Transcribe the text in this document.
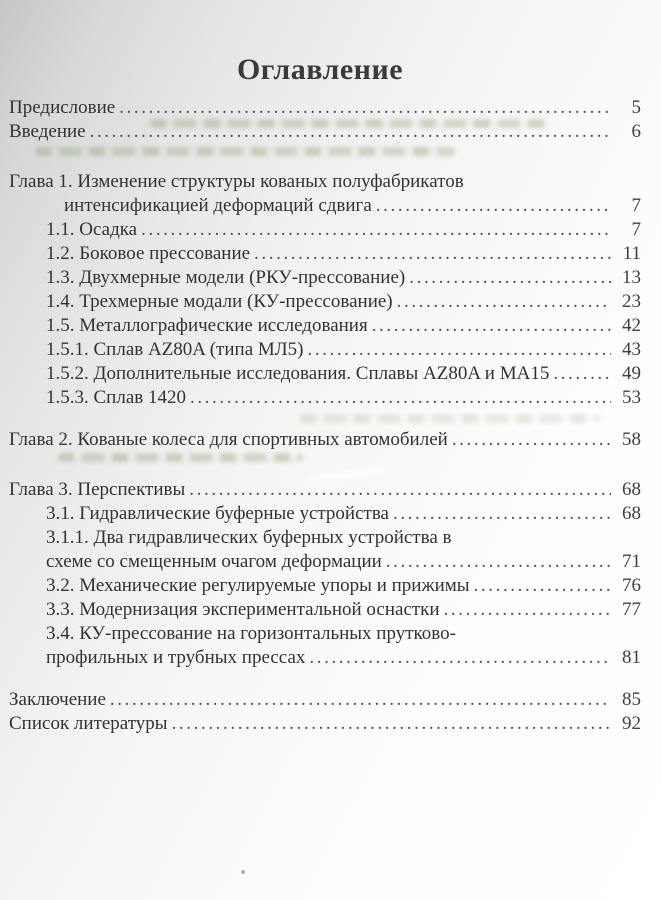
Оглавление
Предисловие .....	5
Введение .....	6
Глава 1. Изменение структуры кованых полуфабрикатов
интенсификацией деформаций сдвига .....	7
1.1. Осадка .....	7
1.2. Боковое прессование .....	11
1.3. Двухмерные модели (РКУ-прессование) .....	13
1.4. Трехмерные модали (КУ-прессование) .....	23
1.5. Металлографические исследования .....	42
1.5.1. Сплав AZ80A (типа МЛ5) .....	43
1.5.2. Дополнительные исследования. Сплавы AZ80A и МА15 .....	49
1.5.3. Сплав 1420 .....	53
Глава 2. Кованые колеса для спортивных автомобилей .....	58
Глава 3. Перспективы .....	68
3.1. Гидравлические буферные устройства .....	68
3.1.1. Два гидравлических буферных устройства в
схеме со смещенным очагом деформации .....	71
3.2. Механические регулируемые упоры и прижимы .....	76
3.3. Модернизация экспериментальной оснастки .....	77
3.4. КУ-прессование на горизонтальных прутково-
профильных и трубных прессах .....	81
Заключение .....	85
Список литературы .....	92
